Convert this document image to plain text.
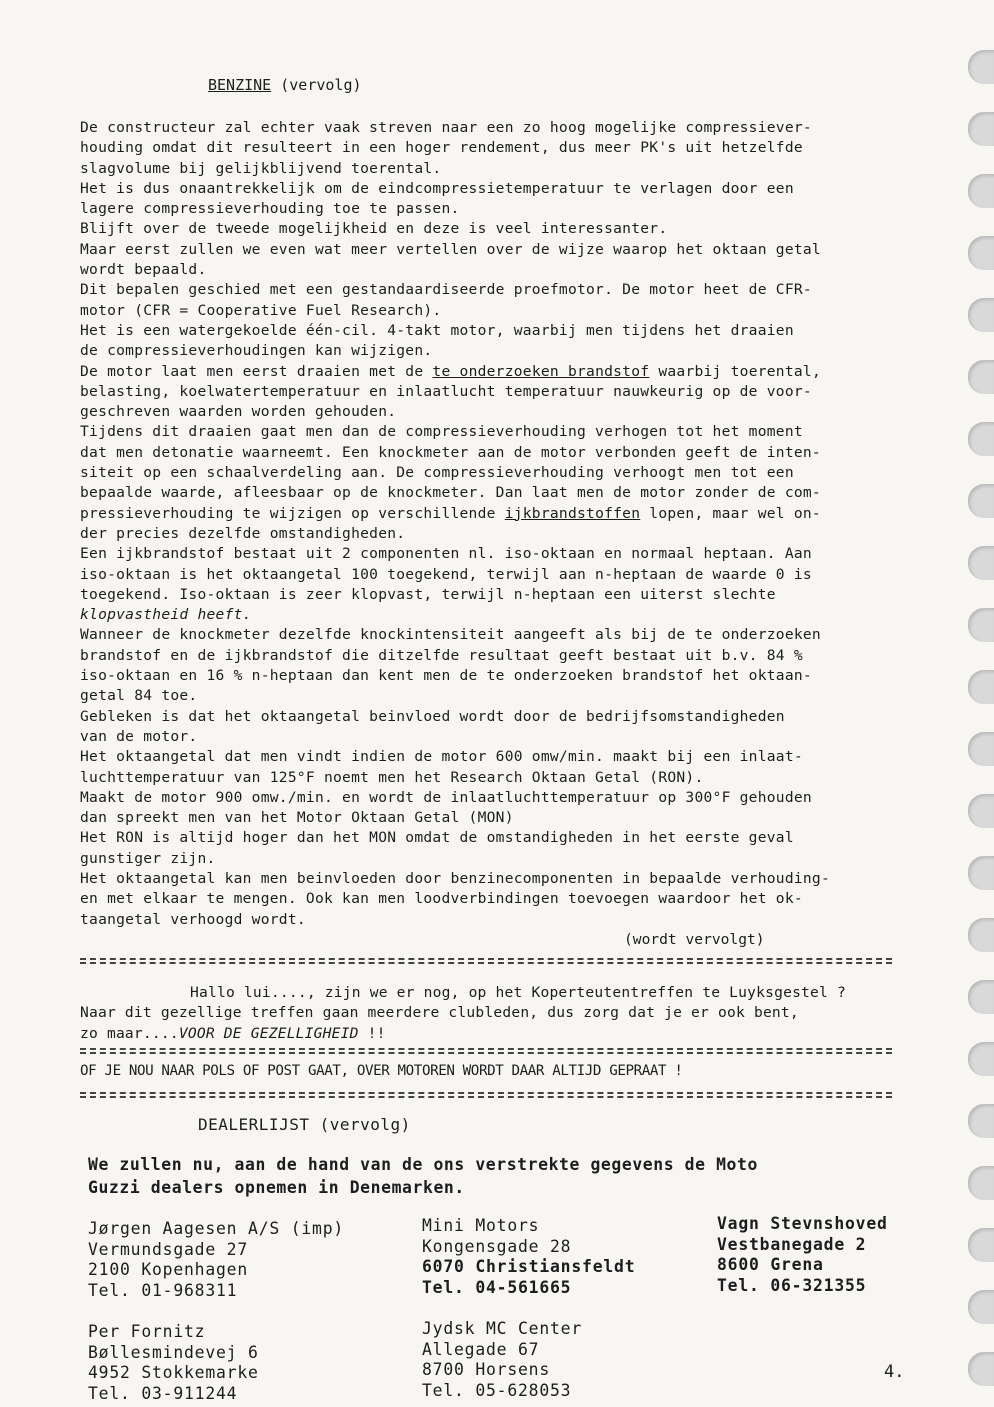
BENZINE (vervolg)

De constructeur zal echter vaak streven naar een zo hoog mogelijke compressiever-

houding omdat dit resulteert in een hoger rendement, dus meer PK's uit hetzelfde

slagvolume bij gelijkblijvend toerental.

Het is dus onaantrekkelijk om de eindcompressietemperatuur te verlagen door een

lagere compressieverhouding toe te passen.

Blijft over de tweede mogelijkheid en deze is veel interessanter.

Maar eerst zullen we even wat meer vertellen over de wijze waarop het oktaan getal

wordt bepaald.

Dit bepalen geschied met een gestandaardiseerde proefmotor. De motor heet de CFR-

motor (CFR = Cooperative Fuel Research).

Het is een watergekoelde één-cil. 4-takt motor, waarbij men tijdens het draaien

de compressieverhoudingen kan wijzigen.

De motor laat men eerst draaien met de te onderzoeken brandstof waarbij toerental,

belasting, koelwatertemperatuur en inlaatlucht temperatuur nauwkeurig op de voor-

geschreven waarden worden gehouden.

Tijdens dit draaien gaat men dan de compressieverhouding verhogen tot het moment

dat men detonatie waarneemt. Een knockmeter aan de motor verbonden geeft de inten-

siteit op een schaalverdeling aan. De compressieverhouding verhoogt men tot een

bepaalde waarde, afleesbaar op de knockmeter. Dan laat men de motor zonder de com-

pressieverhouding te wijzigen op verschillende ijkbrandstoffen lopen, maar wel on-

der precies dezelfde omstandigheden.

Een ijkbrandstof bestaat uit 2 componenten nl. iso-oktaan en normaal heptaan. Aan

iso-oktaan is het oktaangetal 100 toegekend, terwijl aan n-heptaan de waarde 0 is

toegekend. Iso-oktaan is zeer klopvast, terwijl n-heptaan een uiterst slechte

klopvastheid heeft.

Wanneer de knockmeter dezelfde knockintensiteit aangeeft als bij de te onderzoeken

brandstof en de ijkbrandstof die ditzelfde resultaat geeft bestaat uit b.v. 84 %

iso-oktaan en 16 % n-heptaan dan kent men de te onderzoeken brandstof het oktaan-

getal 84 toe.

Gebleken is dat het oktaangetal beinvloed wordt door de bedrijfsomstandigheden

van de motor.

Het oktaangetal dat men vindt indien de motor 600 omw/min. maakt bij een inlaat-

luchttemperatuur van 125°F noemt men het Research Oktaan Getal (RON).

Maakt de motor 900 omw./min. en wordt de inlaatluchttemperatuur op 300°F gehouden

dan spreekt men van het Motor Oktaan Getal (MON)

Het RON is altijd hoger dan het MON omdat de omstandigheden in het eerste geval

gunstiger zijn.

Het oktaangetal kan men beinvloeden door benzinecomponenten in bepaalde verhouding-

en met elkaar te mengen. Ook kan men loodverbindingen toevoegen waardoor het ok-

taangetal verhoogd wordt.

(wordt vervolgt)

Hallo lui...., zijn we er nog, op het Koperteutentreffen te Luyksgestel ?

Naar dit gezellige treffen gaan meerdere clubleden, dus zorg dat je er ook bent,

zo maar....VOOR DE GEZELLIGHEID !!

OF JE NOU NAAR POLS OF POST GAAT, OVER MOTOREN WORDT DAAR ALTIJD GEPRAAT !
DEALERLIJST (vervolg)

We zullen nu, aan de hand van de ons verstrekte gegevens de Moto

Guzzi dealers opnemen in Denemarken.

Jørgen Aagesen A/S (imp)
Vermundsgade 27
2100 Kopenhagen
Tel. 01-968311
Mini Motors
Kongensgade 28
6070 Christiansfeldt
Tel. 04-561665
Vagn Stevnshoved
Vestbanegade 2
8600 Grena
Tel. 06-321355
Per Fornitz
Bøllesmindevej 6
4952 Stokkemarke
Tel. 03-911244
Jydsk MC Center
Allegade 67
8700 Horsens
Tel. 05-628053
4.
